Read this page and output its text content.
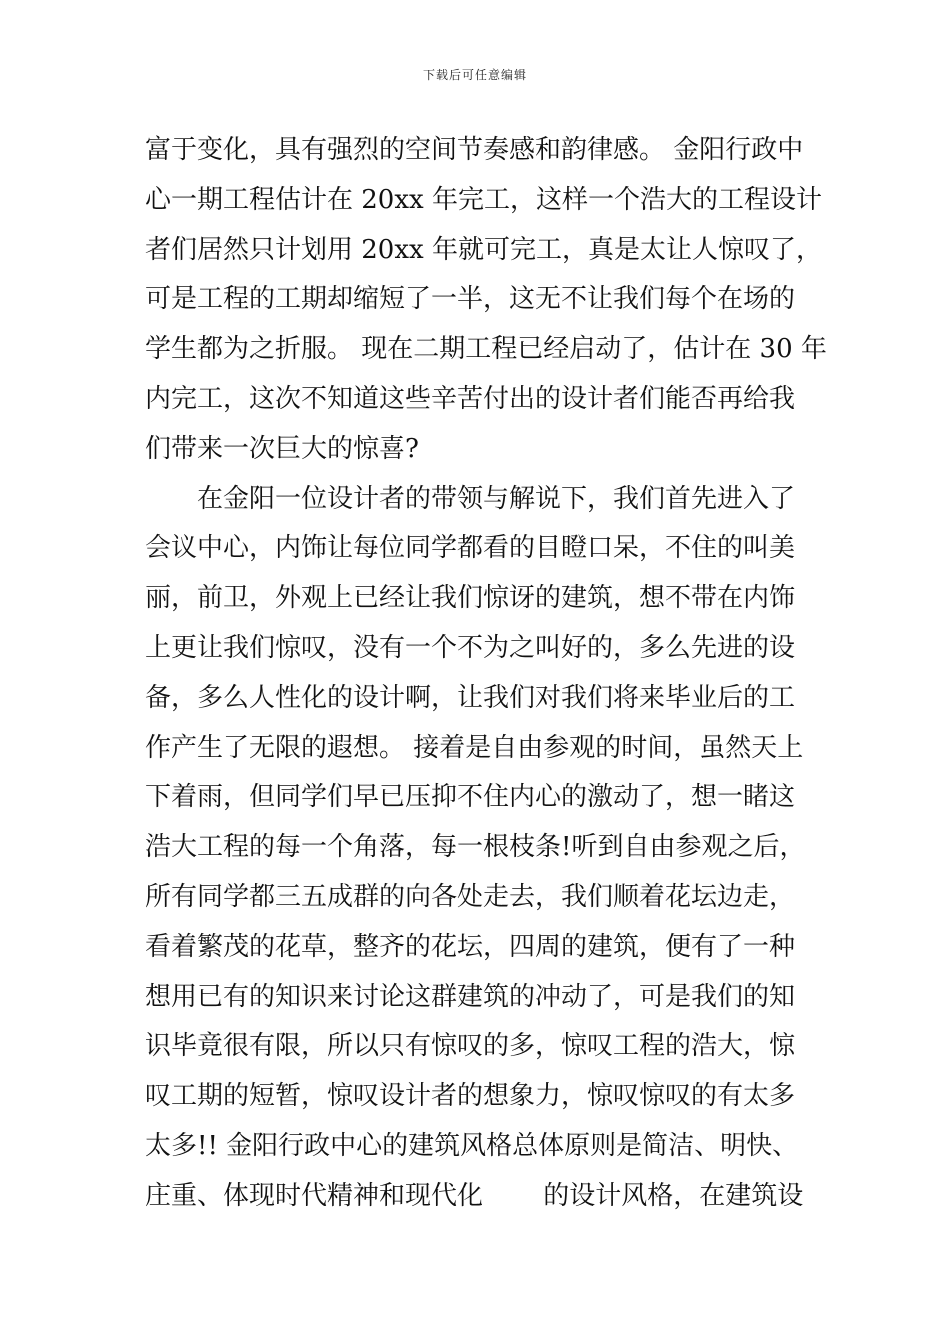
下载后可任意编辑
富于变化，具有强烈的空间节奏感和韵律感。 金阳行政中
心一期工程估计在 20xx 年完工，这样一个浩大的工程设计
者们居然只计划用 20xx 年就可完工，真是太让人惊叹了，
可是工程的工期却缩短了一半，这无不让我们每个在场的
学生都为之折服。 现在二期工程已经启动了，估计在 30 年
内完工，这次不知道这些辛苦付出的设计者们能否再给我
们带来一次巨大的惊喜?
在金阳一位设计者的带领与解说下，我们首先进入了
会议中心，内饰让每位同学都看的目瞪口呆，不住的叫美
丽，前卫，外观上已经让我们惊讶的建筑，想不带在内饰
上更让我们惊叹，没有一个不为之叫好的，多么先进的设
备，多么人性化的设计啊，让我们对我们将来毕业后的工
作产生了无限的遐想。 接着是自由参观的时间，虽然天上
下着雨，但同学们早已压抑不住内心的激动了，想一睹这
浩大工程的每一个角落，每一根枝条!听到自由参观之后，
所有同学都三五成群的向各处走去，我们顺着花坛边走，
看着繁茂的花草，整齐的花坛，四周的建筑，便有了一种
想用已有的知识来讨论这群建筑的冲动了，可是我们的知
识毕竟很有限，所以只有惊叹的多，惊叹工程的浩大，惊
叹工期的短暂，惊叹设计者的想象力，惊叹惊叹的有太多
太多!! 金阳行政中心的建筑风格总体原则是简洁、明快、
庄重、体现时代精神和现代化　　 的设计风格，在建筑设
